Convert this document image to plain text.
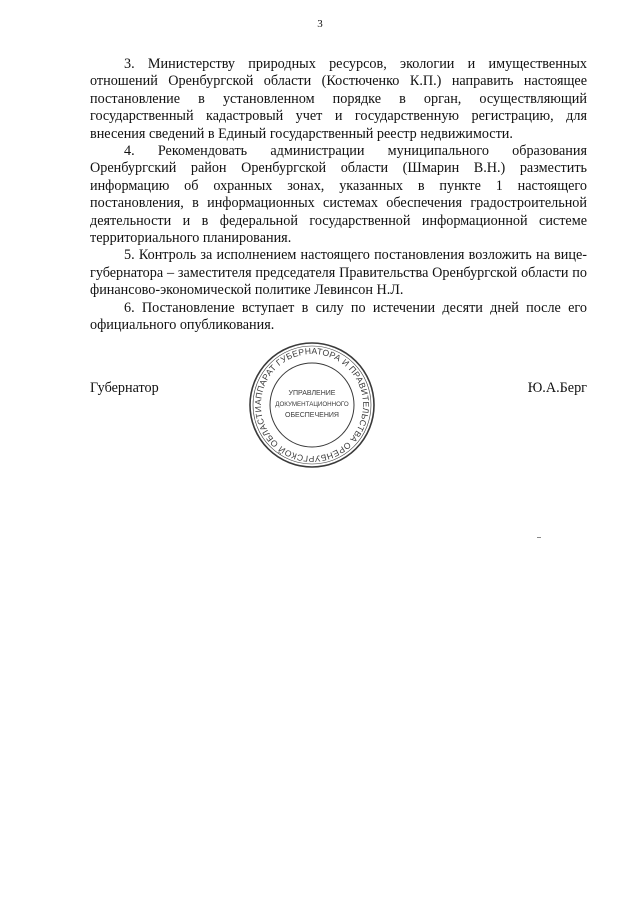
3

3. Министерству природных ресурсов, экологии и имущественных отношений Оренбургской области (Костюченко К.П.) направить настоящее постановление в установленном порядке в орган, осуществляющий государственный кадастровый учет и государственную регистрацию, для внесения сведений в Единый государственный реестр недвижимости.

4. Рекомендовать администрации муниципального образования Оренбургский район Оренбургской области (Шмарин В.Н.) разместить информацию об охранных зонах, указанных в пункте 1 настоящего постановления, в информационных системах обеспечения градостроительной деятельности и в федеральной государственной информационной системе территориального планирования.

5. Контроль за исполнением настоящего постановления возложить на вице-губернатора – заместителя председателя Правительства Оренбургской области по финансово-экономической политике Левинсон Н.Л.

6. Постановление вступает в силу по истечении десяти дней после его официального опубликования.

Губернатор	Ю.А.Берг
АППАРАТ ГУБЕРНАТОРА И ПРАВИТЕЛЬСТВА ОРЕНБУРГСКОЙ ОБЛАСТИ
УПРАВЛЕНИЕ
ДОКУМЕНТАЦИОННОГО
ОБЕСПЕЧЕНИЯ
